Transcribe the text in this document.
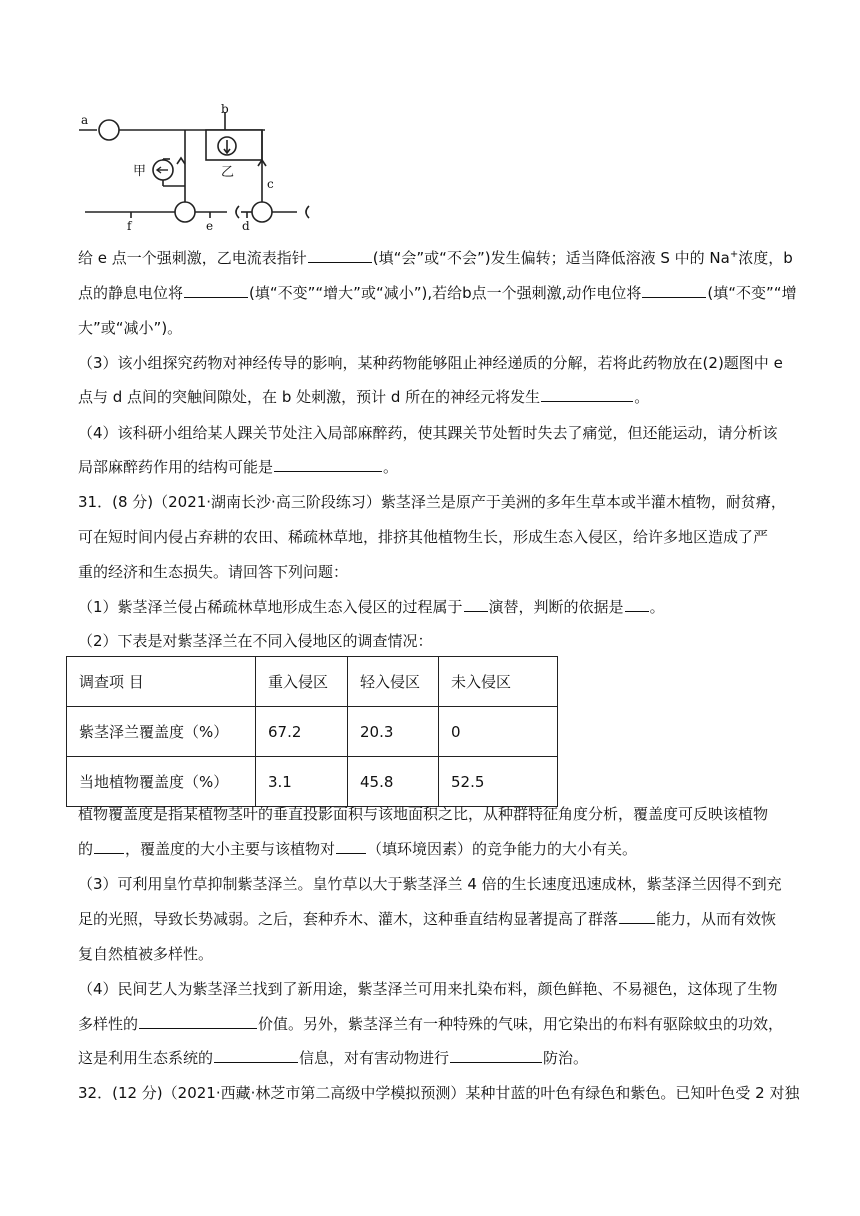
a
b
c
d
e
f
甲	乙
给 e 点一个强刺激，乙电流表指针	(填“会”或“不会”)发生偏转；适当降低溶液 S 中的 Na+浓度，b
点的静息电位将	(填“不变”“增大”或“减小”),若给b点一个强刺激,动作电位将	(填“不变”“增
大”或“减小”)。
（3）该小组探究药物对神经传导的影响，某种药物能够阻止神经递质的分解，若将此药物放在(2)题图中 e
点与 d 点间的突触间隙处，在 b 处刺激，预计 d 所在的神经元将发生	。
（4）该科研小组给某人踝关节处注入局部麻醉药，使其踝关节处暂时失去了痛觉，但还能运动，请分析该
局部麻醉药作用的结构可能是	。
31．(8 分)（2021·湖南长沙·高三阶段练习）紫茎泽兰是原产于美洲的多年生草本或半灌木植物，耐贫瘠，
可在短时间内侵占弃耕的农田、稀疏林草地，排挤其他植物生长，形成生态入侵区，给许多地区造成了严
重的经济和生态损失。请回答下列问题：
（1）紫茎泽兰侵占稀疏林草地形成生态入侵区的过程属于 演替，判断的依据是 。
（2）下表是对紫茎泽兰在不同入侵地区的调查情况：
调查项 目	重入侵区	轻入侵区	未入侵区
紫茎泽兰覆盖度（%）	67.2	20.3	0
当地植物覆盖度（%）	3.1	45.8	52.5
植物覆盖度是指某植物茎叶的垂直投影面积与该地面积之比，从种群特征角度分析，覆盖度可反映该植物
的 ，覆盖度的大小主要与该植物对 （填环境因素）的竞争能力的大小有关。
（3）可利用皇竹草抑制紫茎泽兰。皇竹草以大于紫茎泽兰 4 倍的生长速度迅速成林，紫茎泽兰因得不到充
足的光照，导致长势减弱。之后，套种乔木、灌木，这种垂直结构显著提高了群落	能力，从而有效恢
复自然植被多样性。
（4）民间艺人为紫茎泽兰找到了新用途，紫茎泽兰可用来扎染布料，颜色鲜艳、不易褪色，这体现了生物
多样性的	价值。另外，紫茎泽兰有一种特殊的气味，用它染出的布料有驱除蚊虫的功效，
这是利用生态系统的	信息，对有害动物进行	防治。
32．(12 分)（2021·西藏·林芝市第二高级中学模拟预测）某种甘蓝的叶色有绿色和紫色。已知叶色受 2 对独
